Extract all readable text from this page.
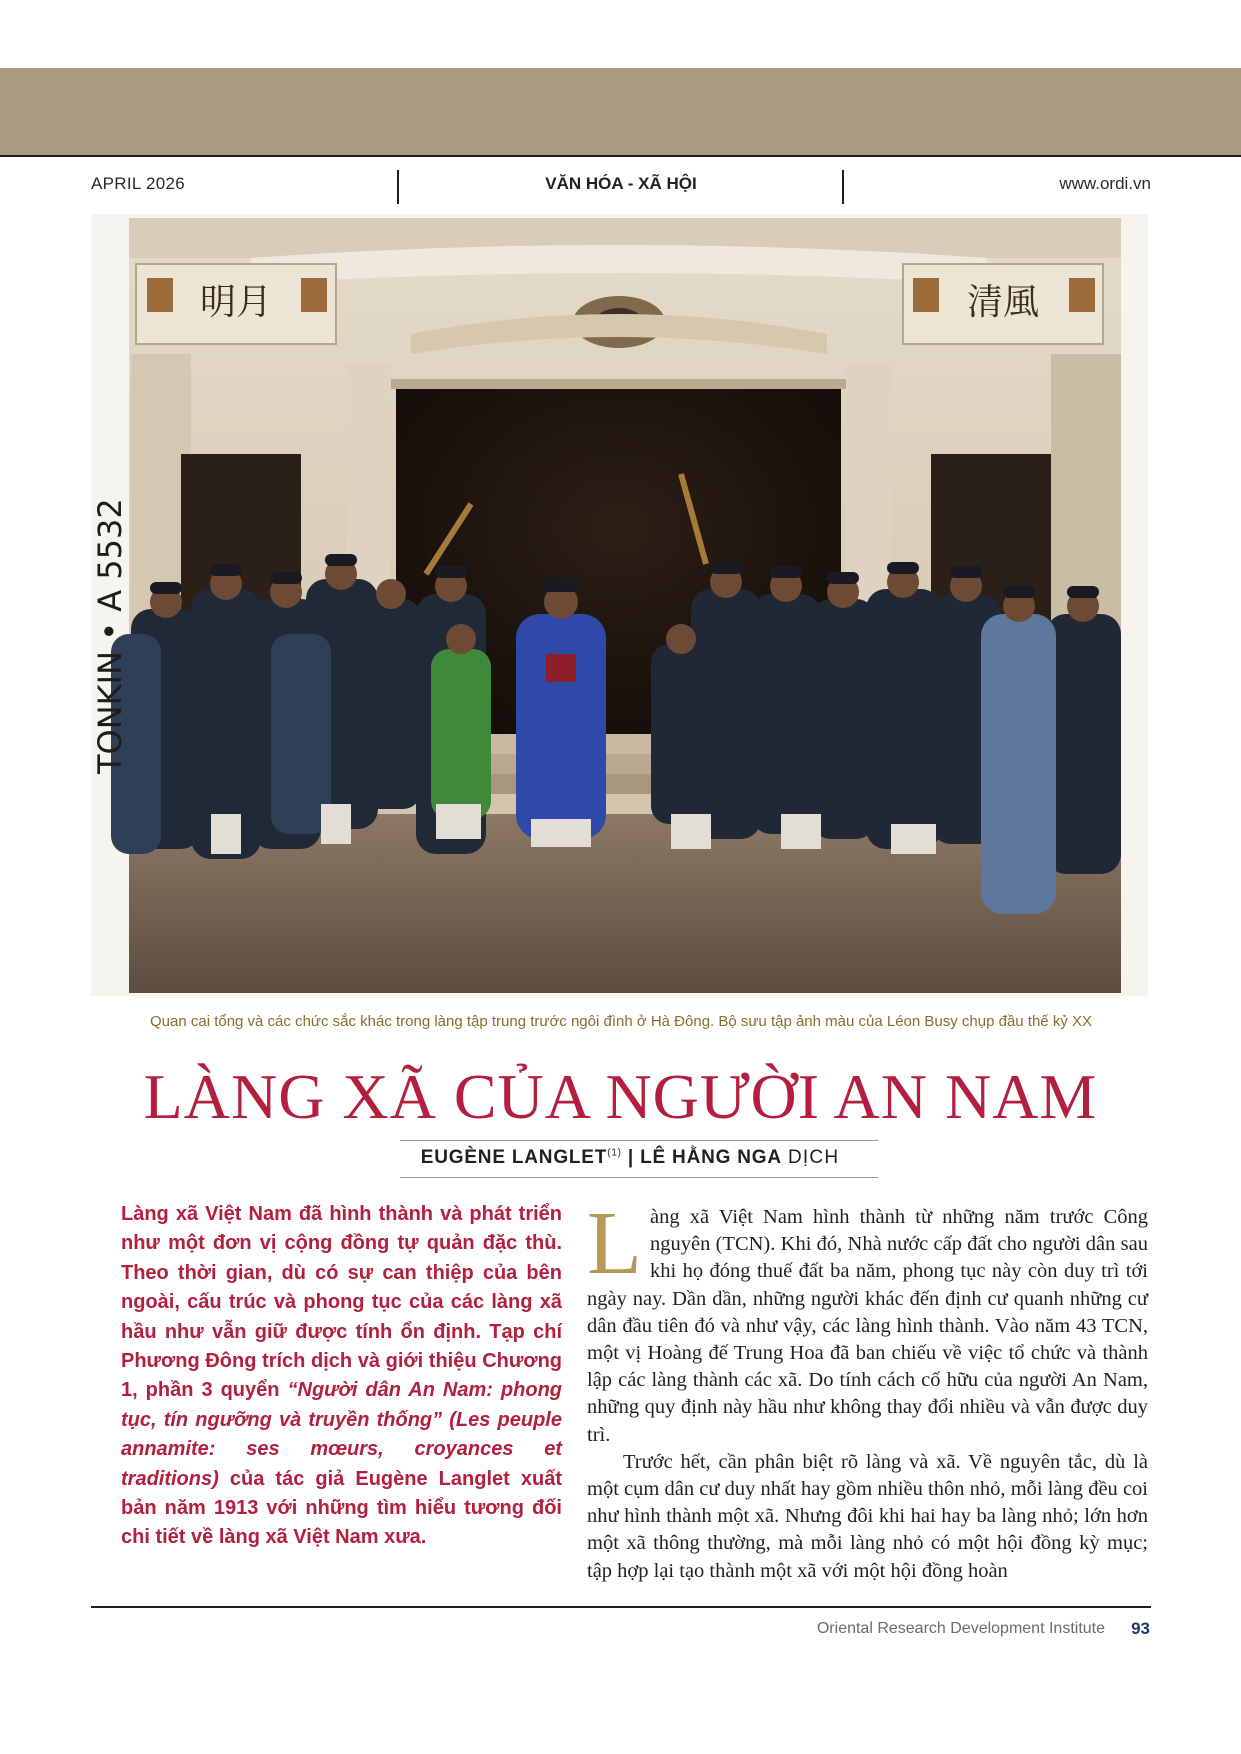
APRIL 2026	VĂN HÓA - XÃ HỘI	www.ordi.vn
明月	清風
TONKIN • A 5532
Quan cai tổng và các chức sắc khác trong làng tập trung trước ngôi đình ở Hà Đông. Bộ sưu tập ảnh màu của Léon Busy chụp đầu thế kỷ XX
LÀNG XÃ CỦA NGƯỜI AN NAM
EUGÈNE LANGLET$^{(1)}$ | LÊ HẰNG NGA DỊCH

Làng xã Việt Nam đã hình thành và phát triển như một đơn vị cộng đồng tự quản đặc thù. Theo thời gian, dù có sự can thiệp của bên ngoài, cấu trúc và phong tục của các làng xã hầu như vẫn giữ được tính ổn định. Tạp chí Phương Đông trích dịch và giới thiệu Chương 1, phần 3 quyển “Người dân An Nam: phong tục, tín ngưỡng và truyền thống” (Les peuple annamite: ses mœurs, croyances et traditions) của tác giả Eugène Langlet xuất bản năm 1913 với những tìm hiểu tương đối chi tiết về làng xã Việt Nam xưa.

Làng xã Việt Nam hình thành từ những năm trước Công nguyên (TCN). Khi đó, Nhà nước cấp đất cho người dân sau khi họ đóng thuế đất ba năm, phong tục này còn duy trì tới ngày nay. Dần dần, những người khác đến định cư quanh những cư dân đầu tiên đó và như vậy, các làng hình thành. Vào năm 43 TCN, một vị Hoàng đế Trung Hoa đã ban chiếu về việc tổ chức và thành lập các làng thành các xã. Do tính cách cố hữu của người An Nam, những quy định này hầu như không thay đổi nhiều và vẫn được duy trì.

Trước hết, cần phân biệt rõ làng và xã. Về nguyên tắc, dù là một cụm dân cư duy nhất hay gồm nhiều thôn nhỏ, mỗi làng đều coi như hình thành một xã. Nhưng đôi khi hai hay ba làng nhỏ; lớn hơn một xã thông thường, mà mỗi làng nhỏ có một hội đồng kỳ mục; tập hợp lại tạo thành một xã với một hội đồng hoàn

Oriental Research Development Institute 93
